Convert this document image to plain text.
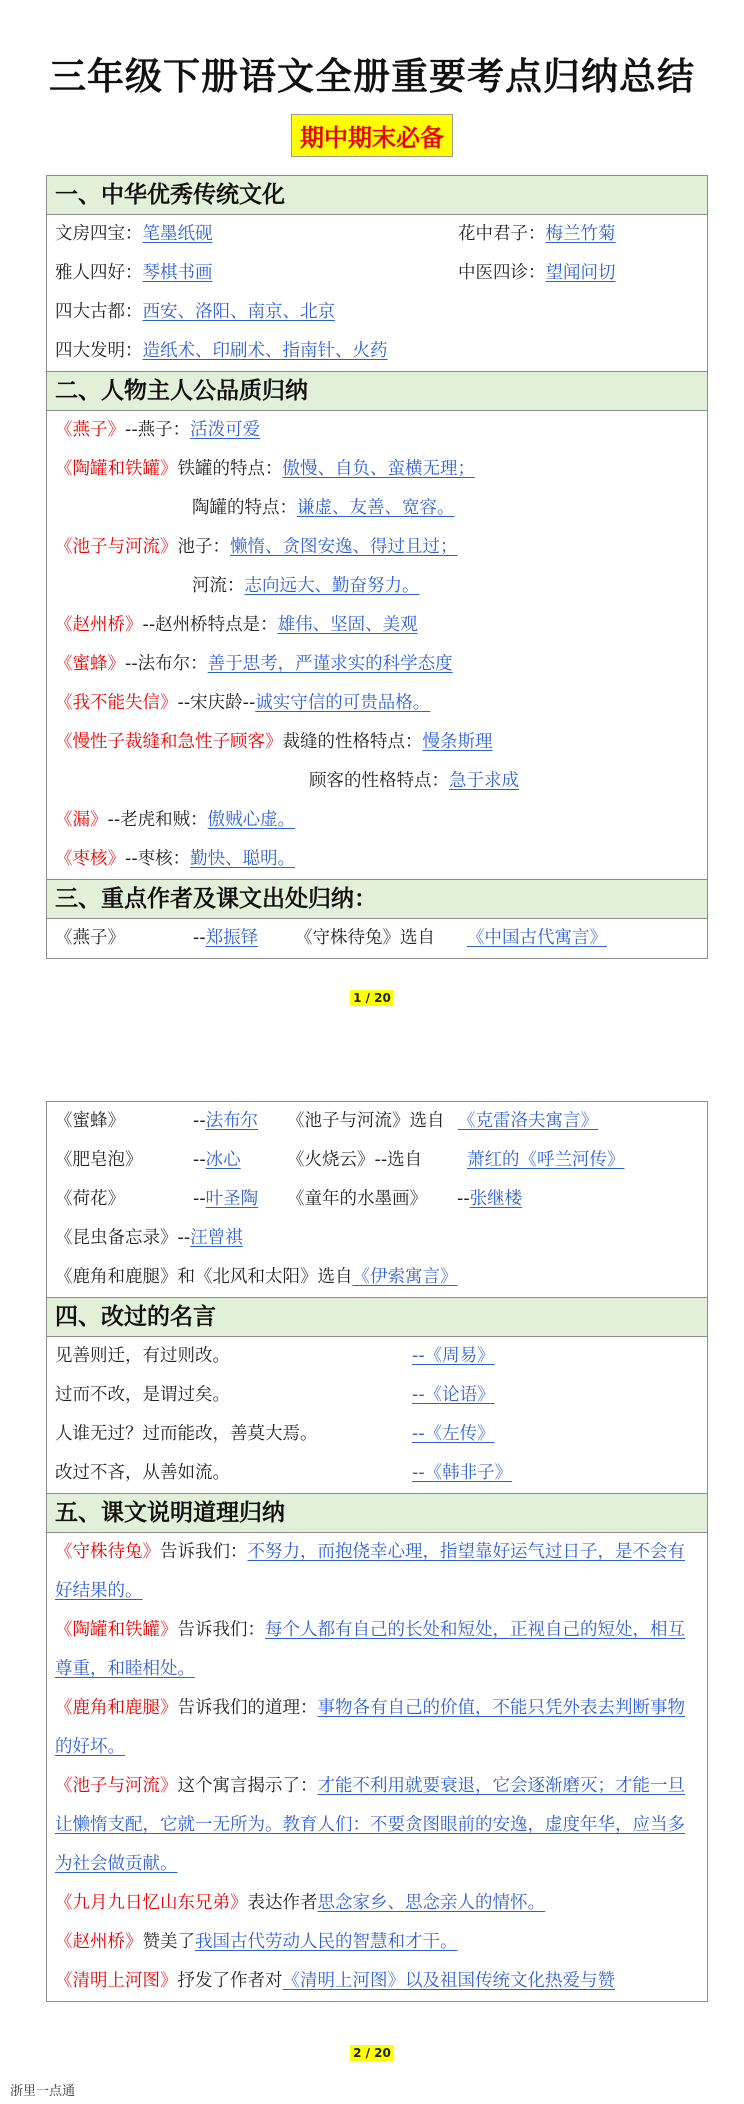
三年级下册语文全册重要考点归纳总结
期中期末必备
一、中华优秀传统文化
文房四宝：笔墨纸砚	花中君子：梅兰竹菊
雅人四好：琴棋书画	中医四诊：望闻问切
四大古都：西安、洛阳、南京、北京
四大发明：造纸术、印刷术、指南针、火药
二、人物主人公品质归纳
《燕子》--燕子：活泼可爱
《陶罐和铁罐》铁罐的特点：傲慢、自负、蛮横无理；
陶罐的特点：谦虚、友善、宽容。
《池子与河流》池子：懒惰、贪图安逸、得过且过；
河流：志向远大、勤奋努力。
《赵州桥》--赵州桥特点是：雄伟、坚固、美观
《蜜蜂》--法布尔：善于思考，严谨求实的科学态度
《我不能失信》--宋庆龄--诚实守信的可贵品格。
《慢性子裁缝和急性子顾客》裁缝的性格特点：慢条斯理
顾客的性格特点：急于求成
《漏》--老虎和贼：傲贼心虚。
《枣核》--枣核：勤快、聪明。
三、重点作者及课文出处归纳：
《燕子》	--郑振铎 《守株待兔》选自 《中国古代寓言》
1 / 20
《蜜蜂》	--法布尔 《池子与河流》选自 《克雷洛夫寓言》
《肥皂泡》	--冰心	《火烧云》--选自	萧红的《呼兰河传》
《荷花》	--叶圣陶 《童年的水墨画》 --张继楼
《昆虫备忘录》--汪曾祺
《鹿角和鹿腿》和《北风和太阳》选自《伊索寓言》
四、改过的名言
见善则迁，有过则改。	--《周易》
过而不改，是谓过矣。	--《论语》
人谁无过？过而能改，善莫大焉。	--《左传》
改过不吝，从善如流。	--《韩非子》
五、课文说明道理归纳
《守株待兔》告诉我们：不努力，而抱侥幸心理，指望靠好运气过日子，是不会有好结果的。
《陶罐和铁罐》告诉我们：每个人都有自己的长处和短处，正视自己的短处，相互尊重，和睦相处。
《鹿角和鹿腿》告诉我们的道理：事物各有自己的价值，不能只凭外表去判断事物的好坏。
《池子与河流》这个寓言揭示了：才能不利用就要衰退，它会逐渐磨灭；才能一旦让懒惰支配，它就一无所为。教育人们：不要贪图眼前的安逸，虚度年华，应当多为社会做贡献。
《九月九日忆山东兄弟》表达作者思念家乡、思念亲人的情怀。
《赵州桥》赞美了我国古代劳动人民的智慧和才干。
《清明上河图》抒发了作者对《清明上河图》以及祖国传统文化热爱与赞
2 / 20
浙里一点通
